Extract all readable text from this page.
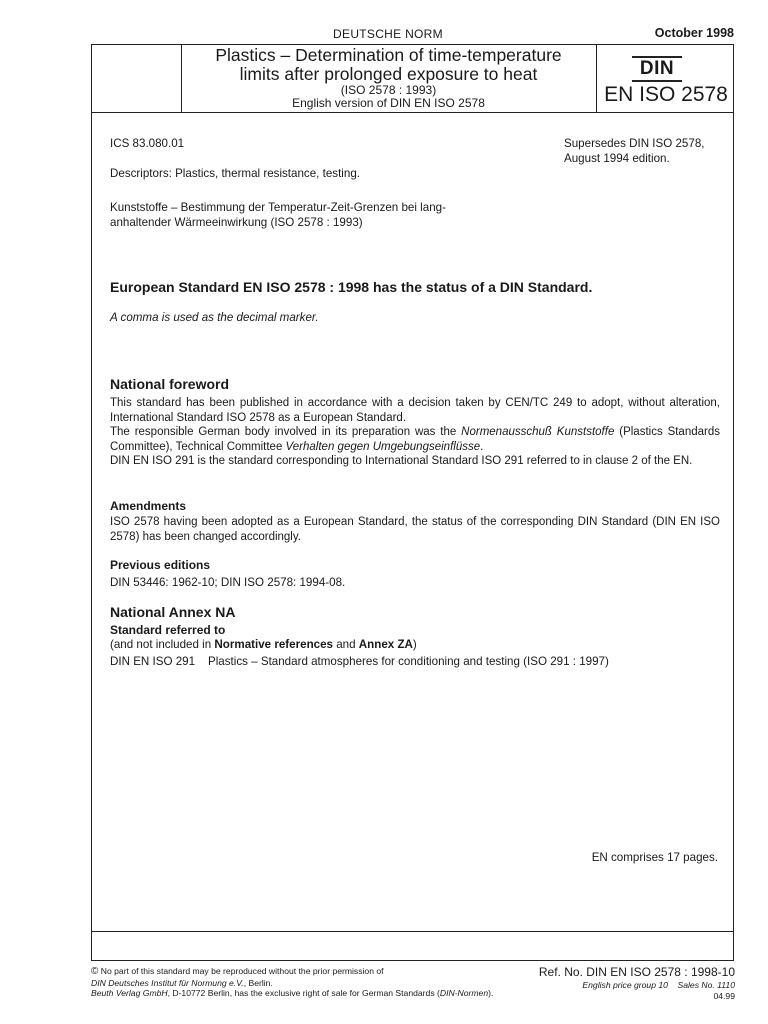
DEUTSCHE NORM	October 1998
Plastics – Determination of time-temperature
limits after prolonged exposure to heat
(ISO 2578 : 1993)
English version of DIN EN ISO 2578
DIN
EN ISO 2578
ICS 83.080.01	Supersedes DIN ISO 2578,
August 1994 edition.
Descriptors: Plastics, thermal resistance, testing.
Kunststoffe – Bestimmung der Temperatur-Zeit-Grenzen bei lang-
anhaltender Wärmeeinwirkung (ISO 2578 : 1993)
European Standard EN ISO 2578 : 1998 has the status of a DIN Standard.
A comma is used as the decimal marker.
National foreword
This standard has been published in accordance with a decision taken by CEN/TC 249 to adopt, without alteration, International Standard ISO 2578 as a European Standard.
The responsible German body involved in its preparation was the Normenausschuß Kunststoffe (Plastics Standards Committee), Technical Committee Verhalten gegen Umgebungseinflüsse.
DIN EN ISO 291 is the standard corresponding to International Standard ISO 291 referred to in clause 2 of the EN.
Amendments
ISO 2578 having been adopted as a European Standard, the status of the corresponding DIN Standard (DIN EN ISO 2578) has been changed accordingly.
Previous editions
DIN 53446: 1962-10; DIN ISO 2578: 1994-08.
National Annex NA
Standard referred to
(and not included in Normative references and Annex ZA)
DIN EN ISO 291 Plastics – Standard atmospheres for conditioning and testing (ISO 291 : 1997)
EN comprises 17 pages.
© No part of this standard may be reproduced without the prior permission of
DIN Deutsches Institut für Normung e.V., Berlin.
Beuth Verlag GmbH, D-10772 Berlin, has the exclusive right of sale for German Standards (DIN-Normen).
Ref. No. DIN EN ISO 2578 : 1998-10
English price group 10 Sales No. 1110
04.99
